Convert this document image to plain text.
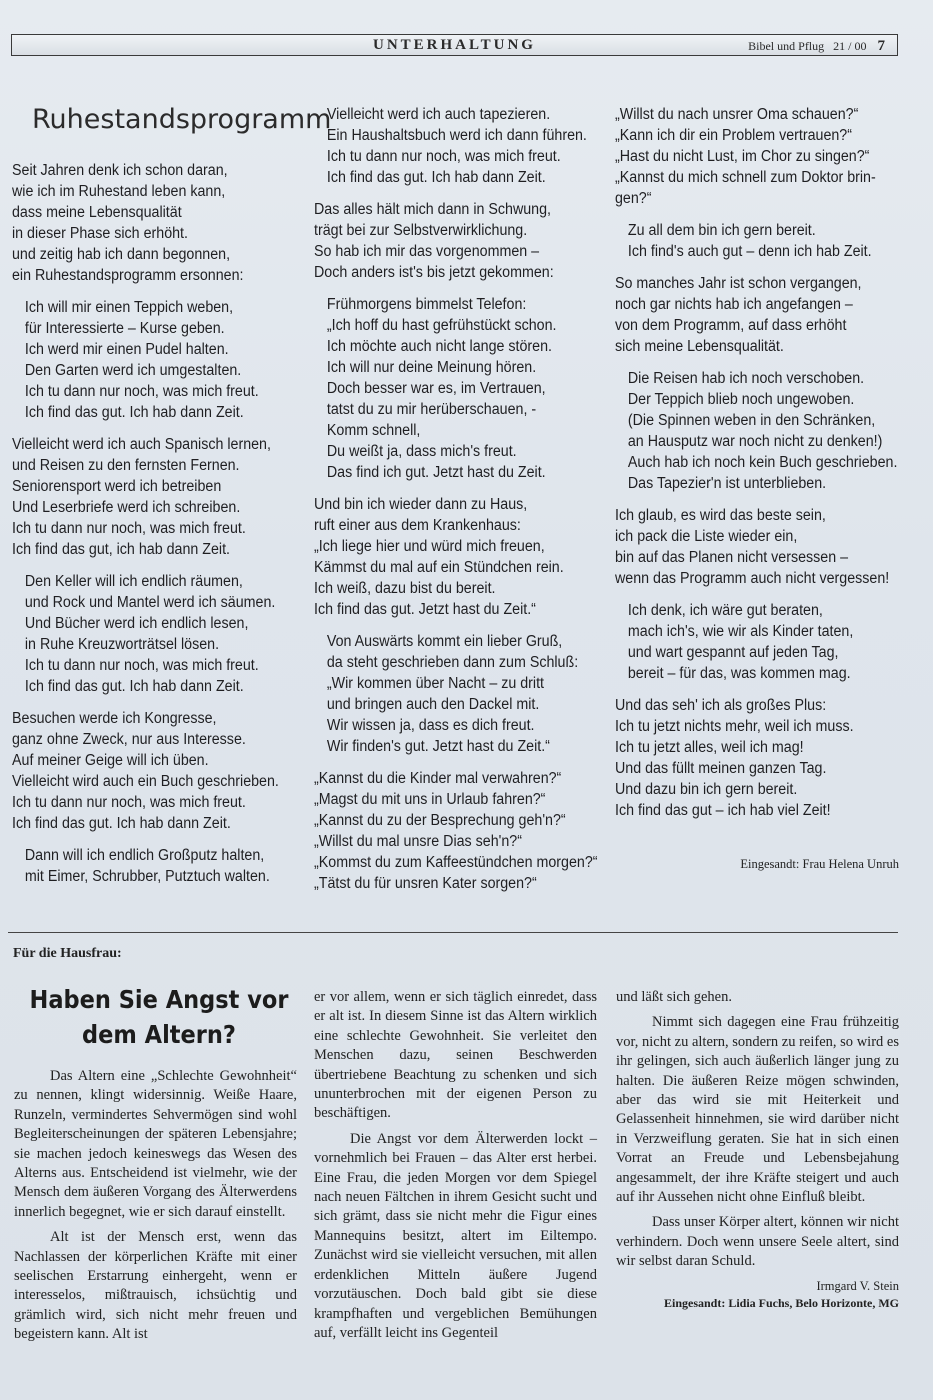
UNTERHALTUNG	Bibel und Pflug 21 / 00 7
Ruhestandsprogramm
Seit Jahren denk ich schon daran,
wie ich im Ruhestand leben kann,
dass meine Lebensqualität
in dieser Phase sich erhöht.
und zeitig hab ich dann begonnen,
ein Ruhestandsprogramm ersonnen:
Ich will mir einen Teppich weben,
für Interessierte – Kurse geben.
Ich werd mir einen Pudel halten.
Den Garten werd ich umgestalten.
Ich tu dann nur noch, was mich freut.
Ich find das gut. Ich hab dann Zeit.
Vielleicht werd ich auch Spanisch lernen,
und Reisen zu den fernsten Fernen.
Seniorensport werd ich betreiben
Und Leserbriefe werd ich schreiben.
Ich tu dann nur noch, was mich freut.
Ich find das gut, ich hab dann Zeit.
Den Keller will ich endlich räumen,
und Rock und Mantel werd ich säumen.
Und Bücher werd ich endlich lesen,
in Ruhe Kreuzworträtsel lösen.
Ich tu dann nur noch, was mich freut.
Ich find das gut. Ich hab dann Zeit.
Besuchen werde ich Kongresse,
ganz ohne Zweck, nur aus Interesse.
Auf meiner Geige will ich üben.
Vielleicht wird auch ein Buch geschrieben.
Ich tu dann nur noch, was mich freut.
Ich find das gut. Ich hab dann Zeit.
Dann will ich endlich Großputz halten,
mit Eimer, Schrubber, Putztuch walten.
Vielleicht werd ich auch tapezieren.
Ein Haushaltsbuch werd ich dann führen.
Ich tu dann nur noch, was mich freut.
Ich find das gut. Ich hab dann Zeit.
Das alles hält mich dann in Schwung,
trägt bei zur Selbstverwirklichung.
So hab ich mir das vorgenommen –
Doch anders ist's bis jetzt gekommen:
Frühmorgens bimmelst Telefon:
„Ich hoff du hast gefrühstückt schon.
Ich möchte auch nicht lange stören.
Ich will nur deine Meinung hören.
Doch besser war es, im Vertrauen,
tatst du zu mir herüberschauen, -
Komm schnell,
Du weißt ja, dass mich's freut.
Das find ich gut. Jetzt hast du Zeit.
Und bin ich wieder dann zu Haus,
ruft einer aus dem Krankenhaus:
„Ich liege hier und würd mich freuen,
Kämmst du mal auf ein Stündchen rein.
Ich weiß, dazu bist du bereit.
Ich find das gut. Jetzt hast du Zeit.“
Von Auswärts kommt ein lieber Gruß,
da steht geschrieben dann zum Schluß:
„Wir kommen über Nacht – zu dritt
und bringen auch den Dackel mit.
Wir wissen ja, dass es dich freut.
Wir finden's gut. Jetzt hast du Zeit.“
„Kannst du die Kinder mal verwahren?“
„Magst du mit uns in Urlaub fahren?“
„Kannst du zu der Besprechung geh'n?“
„Willst du mal unsre Dias seh'n?“
„Kommst du zum Kaffeestündchen morgen?“
„Tätst du für unsren Kater sorgen?“
„Willst du nach unsrer Oma schauen?“
„Kann ich dir ein Problem vertrauen?“
„Hast du nicht Lust, im Chor zu singen?“
„Kannst du mich schnell zum Doktor brin-
gen?“
Zu all dem bin ich gern bereit.
Ich find's auch gut – denn ich hab Zeit.
So manches Jahr ist schon vergangen,
noch gar nichts hab ich angefangen –
von dem Programm, auf dass erhöht
sich meine Lebensqualität.
Die Reisen hab ich noch verschoben.
Der Teppich blieb noch ungewoben.
(Die Spinnen weben in den Schränken,
an Hausputz war noch nicht zu denken!)
Auch hab ich noch kein Buch geschrieben.
Das Tapezier'n ist unterblieben.
Ich glaub, es wird das beste sein,
ich pack die Liste wieder ein,
bin auf das Planen nicht versessen –
wenn das Programm auch nicht vergessen!
Ich denk, ich wäre gut beraten,
mach ich's, wie wir als Kinder taten,
und wart gespannt auf jeden Tag,
bereit – für das, was kommen mag.
Und das seh' ich als großes Plus:
Ich tu jetzt nichts mehr, weil ich muss.
Ich tu jetzt alles, weil ich mag!
Und das füllt meinen ganzen Tag.
Und dazu bin ich gern bereit.
Ich find das gut – ich hab viel Zeit!
Eingesandt: Frau Helena Unruh
Für die Hausfrau:
Haben Sie Angst vor dem Altern?

Das Altern eine „Schlechte Gewohnheit“ zu nennen, klingt widersinnig. Weiße Haare, Runzeln, vermindertes Sehvermögen sind wohl Begleiterscheinungen der späteren Lebensjahre; sie machen jedoch keineswegs das Wesen des Alterns aus. Entscheidend ist vielmehr, wie der Mensch dem äußeren Vorgang des Älterwerdens innerlich begegnet, wie er sich darauf einstellt.

Alt ist der Mensch erst, wenn das Nachlassen der körperlichen Kräfte mit einer seelischen Erstarrung einhergeht, wenn er interesselos, mißtrauisch, ichsüchtig und grämlich wird, sich nicht mehr freuen und begeistern kann. Alt ist

er vor allem, wenn er sich täglich einredet, dass er alt ist. In diesem Sinne ist das Altern wirklich eine schlechte Gewohnheit. Sie verleitet den Menschen dazu, seinen Beschwerden übertriebene Beachtung zu schenken und sich ununterbrochen mit der eigenen Person zu beschäftigen.

Die Angst vor dem Älterwerden lockt – vornehmlich bei Frauen – das Alter erst herbei. Eine Frau, die jeden Morgen vor dem Spiegel nach neuen Fältchen in ihrem Gesicht sucht und sich grämt, dass sie nicht mehr die Figur eines Mannequins besitzt, altert im Eiltempo. Zunächst wird sie vielleicht versuchen, mit allen erdenklichen Mitteln äußere Jugend vorzutäuschen. Doch bald gibt sie diese krampfhaften und vergeblichen Bemühungen auf, verfällt leicht ins Gegenteil

und läßt sich gehen.

Nimmt sich dagegen eine Frau frühzeitig vor, nicht zu altern, sondern zu reifen, so wird es ihr gelingen, sich auch äußerlich länger jung zu halten. Die äußeren Reize mögen schwinden, aber das wird sie mit Heiterkeit und Gelassenheit hinnehmen, sie wird darüber nicht in Verzweiflung geraten. Sie hat in sich einen Vorrat an Freude und Lebensbejahung angesammelt, der ihre Kräfte steigert und auch auf ihr Aussehen nicht ohne Einfluß bleibt.

Dass unser Körper altert, können wir nicht verhindern. Doch wenn unsere Seele altert, sind wir selbst daran Schuld.

Irmgard V. Stein
Eingesandt: Lidia Fuchs, Belo Horizonte, MG
